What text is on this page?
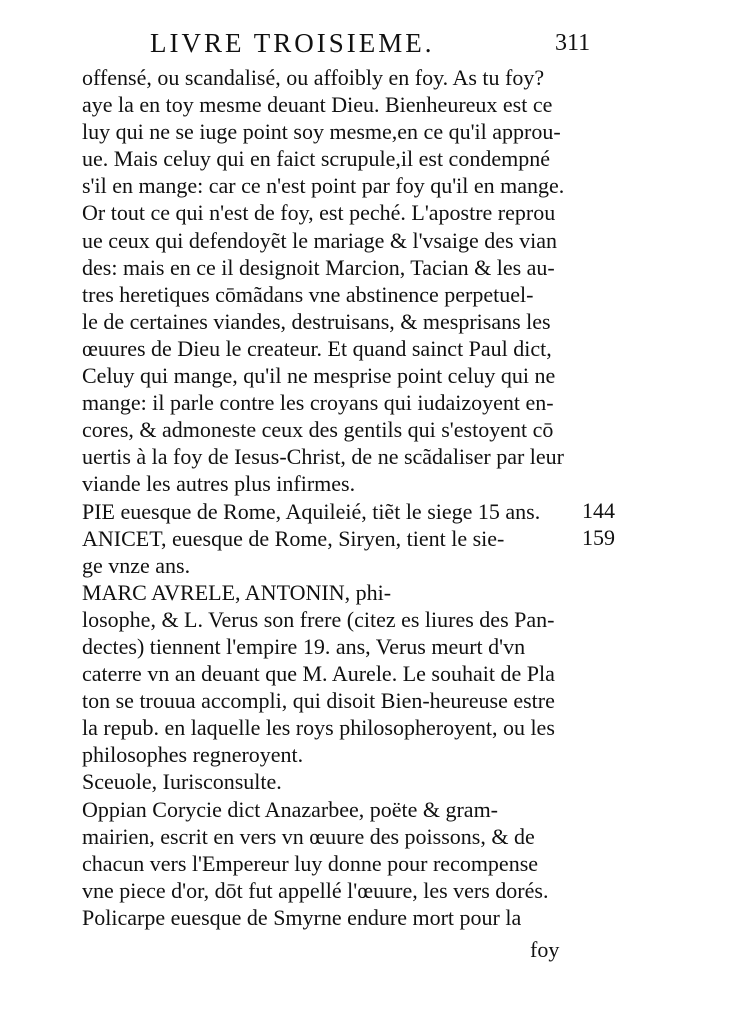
LIVRE TROISIEME.	311
offensé, ou scandalisé, ou affoibly en foy. As tu foy?
aye la en toy mesme deuant Dieu. Bienheureux est ce
luy qui ne se iuge point soy mesme,en ce qu'il approu-
ue. Mais celuy qui en faict scrupule,il est condempné
s'il en mange: car ce n'est point par foy qu'il en mange.
Or tout ce qui n'est de foy, est peché. L'apostre reprou
ue ceux qui defendoyẽt le mariage & l'vsaige des vian
des: mais en ce il designoit Marcion, Tacian & les au-
tres heretiques cōmãdans vne abstinence perpetuel-
le de certaines viandes, destruisans, & mesprisans les
œuures de Dieu le createur. Et quand sainct Paul dict,
Celuy qui mange, qu'il ne mesprise point celuy qui ne
mange: il parle contre les croyans qui iudaizoyent en-
cores, & admoneste ceux des gentils qui s'estoyent cō
uertis à la foy de Iesus-Christ, de ne scãdaliser par leur
viande les autres plus infirmes.
PIE euesque de Rome, Aquileié, tiẽt le siege 15 ans.
ANICET, euesque de Rome, Siryen, tient le sie-
ge vnze ans.
MARC AVRELE, ANTONIN, phi-
losophe, & L. Verus son frere (citez es liures des Pan-
dectes) tiennent l'empire 19. ans, Verus meurt d'vn
caterre vn an deuant que M. Aurele. Le souhait de Pla
ton se trouua accompli, qui disoit Bien-heureuse estre
la repub. en laquelle les roys philosopheroyent, ou les
philosophes regneroyent.
Sceuole, Iurisconsulte.
Oppian Corycie dict Anazarbee, poëte & gram-
mairien, escrit en vers vn œuure des poissons, & de
chacun vers l'Empereur luy donne pour recompense
vne piece d'or, dōt fut appellé l'œuure, les vers dorés.
Policarpe euesque de Smyrne endure mort pour la
144
159
foy
